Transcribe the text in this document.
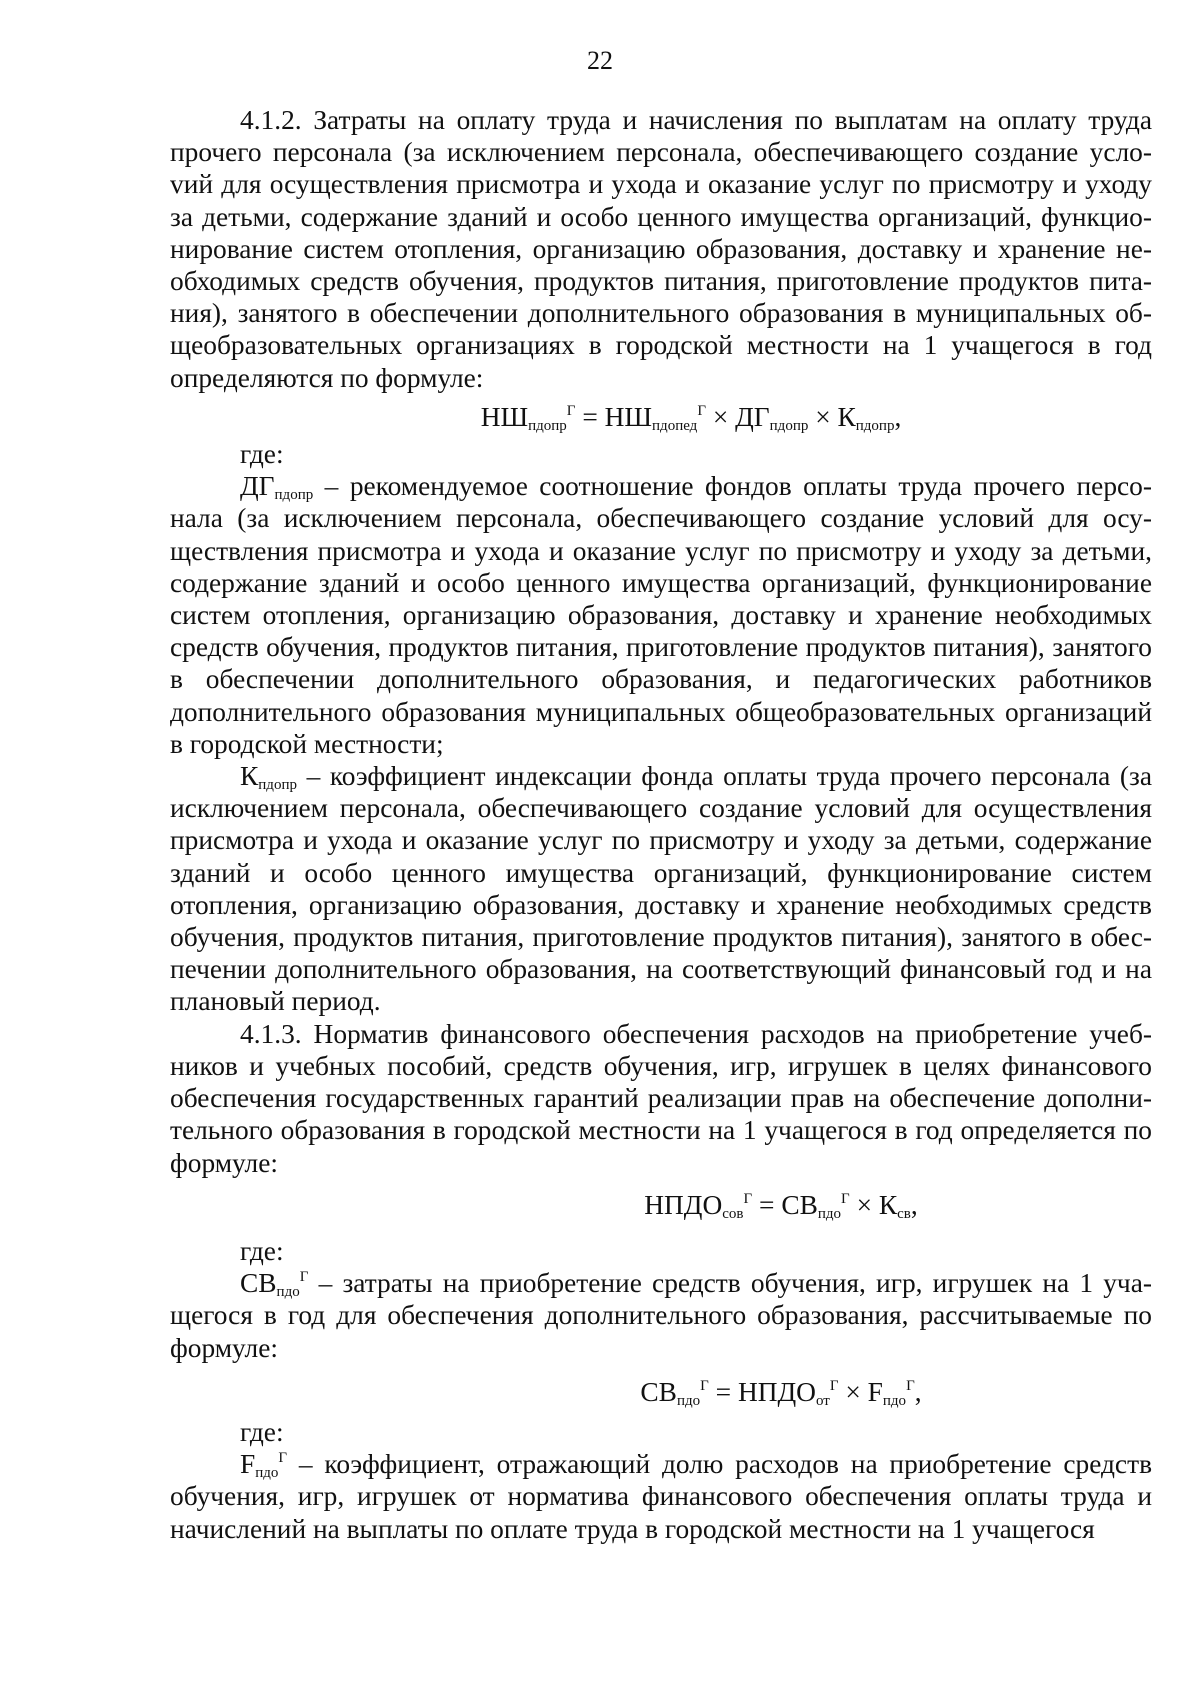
22

4.1.2. Затраты на оплату труда и начисления по выплатам на оплату труда прочего персонала (за исключением персонала, обеспечивающего создание услоvий для осуществления присмотра и ухода и оказание услуг по присмотру и уходу за детьми, содержание зданий и особо ценного имущества организаций, функционирование систем отопления, организацию образования, доставку и хранение необходимых средств обучения, продуктов питания, приготовление продуктов питания), занятого в обеспечении дополнительного образования в муниципальных общеобразовательных организациях в городской местности на 1 учащегося в год определяются по формуле:

$НШ_{пдопр}^Г = НШ_{пдопед}^Г \times ДГ_{пдопр} \times К_{пдопр}$,

где:

$ДГ_{пдопр}$ – рекомендуемое соотношение фондов оплаты труда прочего персонала (за исключением персонала, обеспечивающего создание условий для осуществления присмотра и ухода и оказание услуг по присмотру и уходу за детьми, содержание зданий и особо ценного имущества организаций, функционирование систем отопления, организацию образования, доставку и хранение необходимых средств обучения, продуктов питания, приготовление продуктов питания), занятого в обеспечении дополнительного образования, и педагогических работников дополнительного образования муниципальных общеобразовательных организаций в городской местности;

$К_{пдопр}$ – коэффициент индексации фонда оплаты труда прочего персонала (за исключением персонала, обеспечивающего создание условий для осуществления присмотра и ухода и оказание услуг по присмотру и уходу за детьми, содержание зданий и особо ценного имущества организаций, функционирование систем отопления, организацию образования, доставку и хранение необходимых средств обучения, продуктов питания, приготовление продуктов питания), занятого в обеспечении дополнительного образования, на соответствующий финансовый год и на плановый период.

4.1.3. Норматив финансового обеспечения расходов на приобретение учебников и учебных пособий, средств обучения, игр, игрушек в целях финансового обеспечения государственных гарантий реализации прав на обеспечение дополнительного образования в городской местности на 1 учащегося в год определяется по формуле:

$НПДО_{сов}^Г = СВ_{пдо}^Г \times К_{св}$,

где:

$СВ_{пдо}^Г$ – затраты на приобретение средств обучения, игр, игрушек на 1 учащегося в год для обеспечения дополнительного образования, рассчитываемые по формуле:

$СВ_{пдо}^Г$ = $НПДО_{от}^Г \times F_{пдо}^Г$,

где:

$F_{пдо}^Г$ – коэффициент, отражающий долю расходов на приобретение средств обучения, игр, игрушек от норматива финансового обеспечения оплаты труда и начислений на выплаты по оплате труда в городской местности на 1 учащегося
